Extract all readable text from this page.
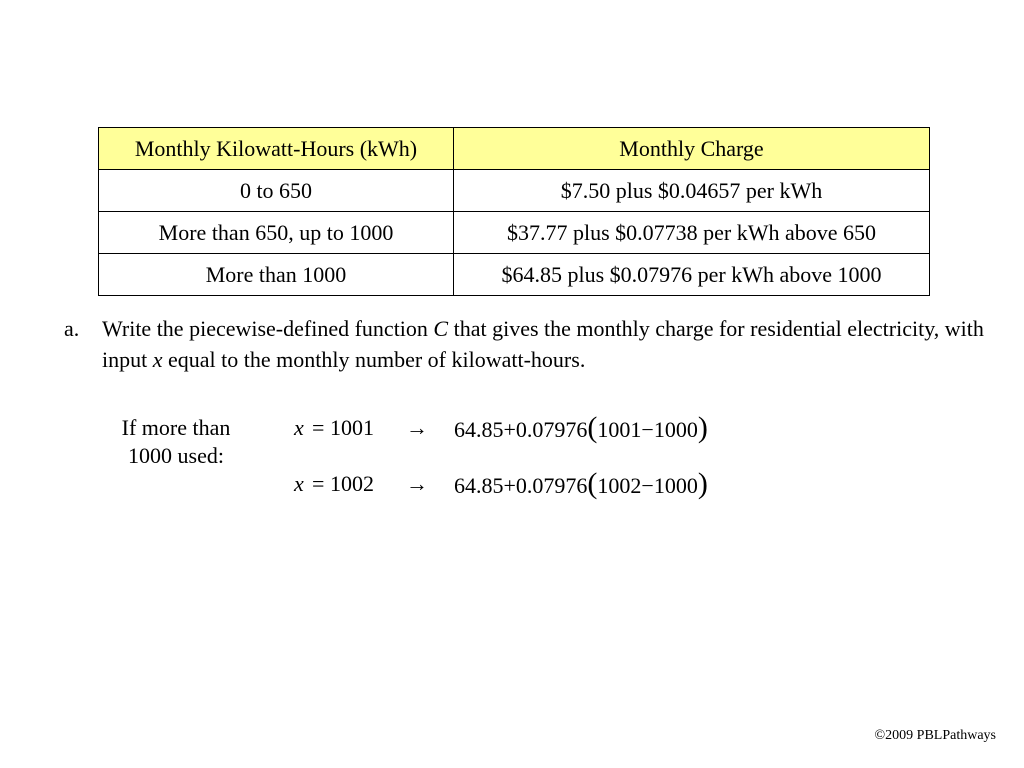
Monthly Kilowatt-Hours (kWh)	Monthly Charge
0 to 650	$7.50 plus $0.04657 per kWh
More than 650, up to 1000	$37.77 plus $0.07738 per kWh above 650
More than 1000	$64.85 plus $0.07976 per kWh above 1000
a. Write the piecewise-defined function C that gives the monthly charge for residential electricity, with input x equal to the monthly number of kilowatt-hours.
If more than 1000 used:
x = 1001 → 64.85+0.07976(1001−1000)
x = 1002 → 64.85+0.07976(1002−1000)
©2009 PBLPathways
